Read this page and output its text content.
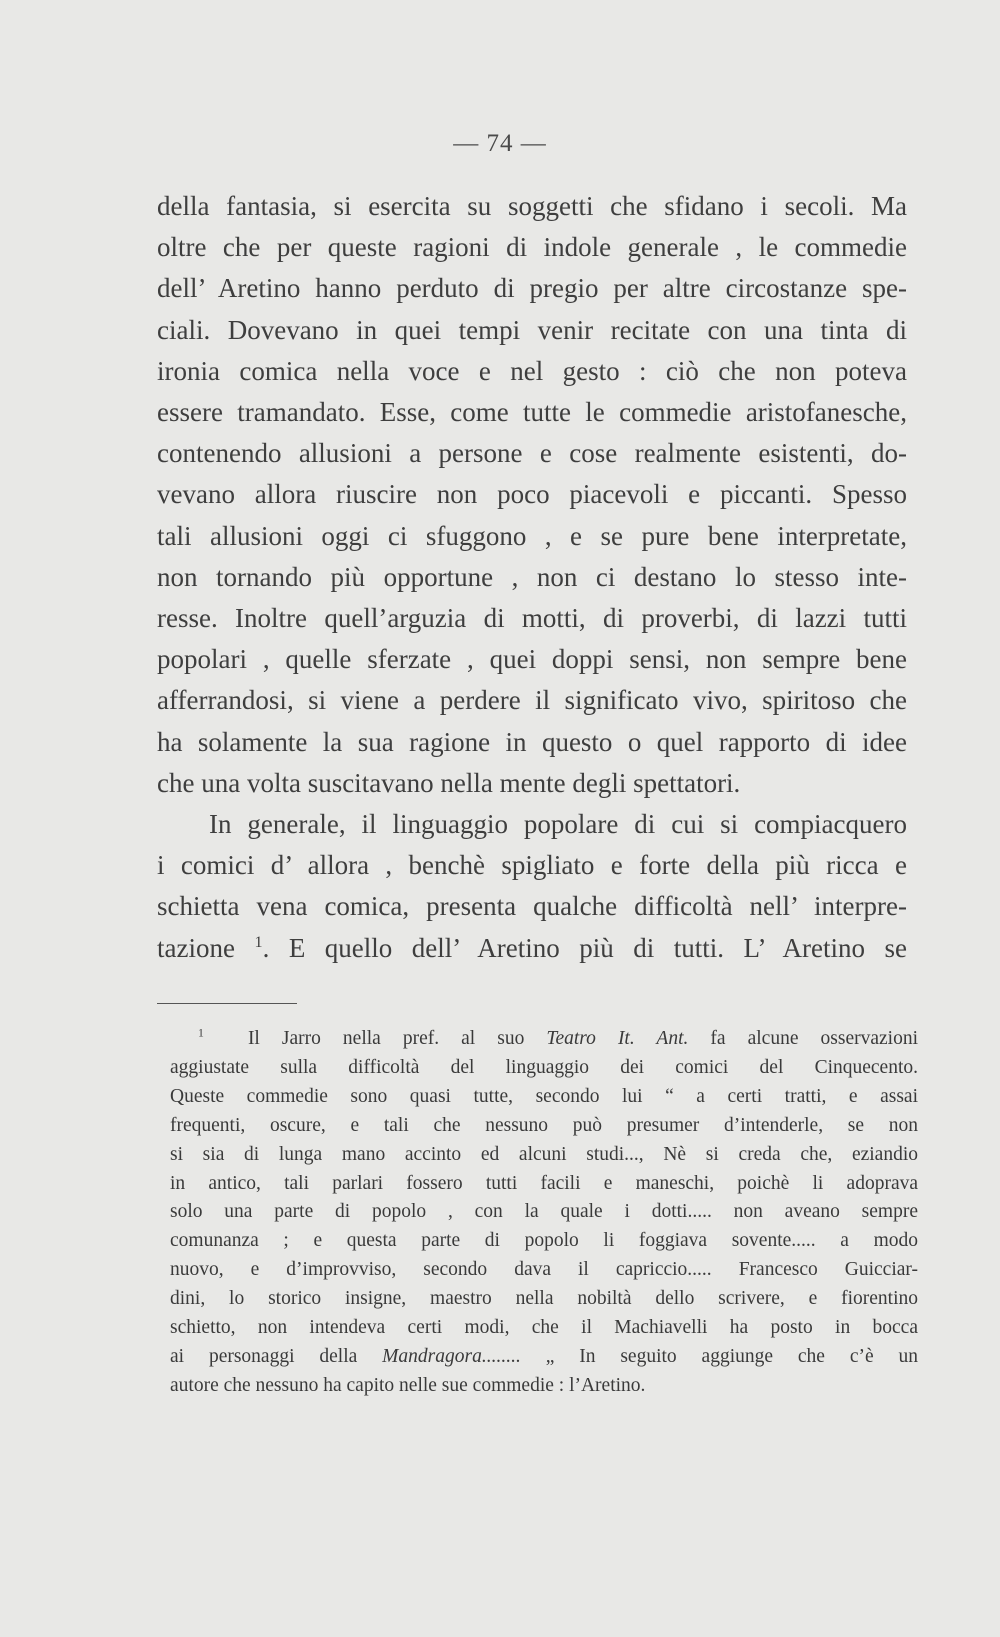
— 74 —
della fantasia, si esercita su soggetti che sfidano i secoli. Ma
oltre che per queste ragioni di indole generale , le commedie
dell’ Aretino hanno perduto di pregio per altre circostanze spe-
ciali. Dovevano in quei tempi venir recitate con una tinta di
ironia comica nella voce e nel gesto : ciò che non poteva
essere tramandato. Esse, come tutte le commedie aristofanesche,
contenendo allusioni a persone e cose realmente esistenti, do-
vevano allora riuscire non poco piacevoli e piccanti. Spesso
tali allusioni oggi ci sfuggono , e se pure bene interpretate,
non tornando più opportune , non ci destano lo stesso inte-
resse. Inoltre quell’arguzia di motti, di proverbi, di lazzi tutti
popolari , quelle sferzate , quei doppi sensi, non sempre bene
afferrandosi, si viene a perdere il significato vivo, spiritoso che
ha solamente la sua ragione in questo o quel rapporto di idee
che una volta suscitavano nella mente degli spettatori.
In generale, il linguaggio popolare di cui si compiacquero
i comici d’ allora , benchè spigliato e forte della più ricca e
schietta vena comica, presenta qualche difficoltà nell’ interpre-
tazione $^1$. E quello dell’ Aretino più di tutti. L’ Aretino se
$^1$ Il Jarro nella pref. al suo Teatro It. Ant. fa alcune osservazioni
aggiustate sulla difficoltà del linguaggio dei comici del Cinquecento.
Queste commedie sono quasi tutte, secondo lui “ a certi tratti, e assai
frequenti, oscure, e tali che nessuno può presumer d’intenderle, se non
si sia di lunga mano accinto ed alcuni studi..., Nè si creda che, eziandio
in antico, tali parlari fossero tutti facili e maneschi, poichè li adoprava
solo una parte di popolo , con la quale i dotti..... non aveano sempre
comunanza ; e questa parte di popolo li foggiava sovente..... a modo
nuovo, e d’improvviso, secondo dava il capriccio..... Francesco Guicciar-
dini, lo storico insigne, maestro nella nobiltà dello scrivere, e fiorentino
schietto, non intendeva certi modi, che il Machiavelli ha posto in bocca
ai personaggi della Mandragora........ „ In seguito aggiunge che c’è un
autore che nessuno ha capito nelle sue commedie : l’Aretino.
